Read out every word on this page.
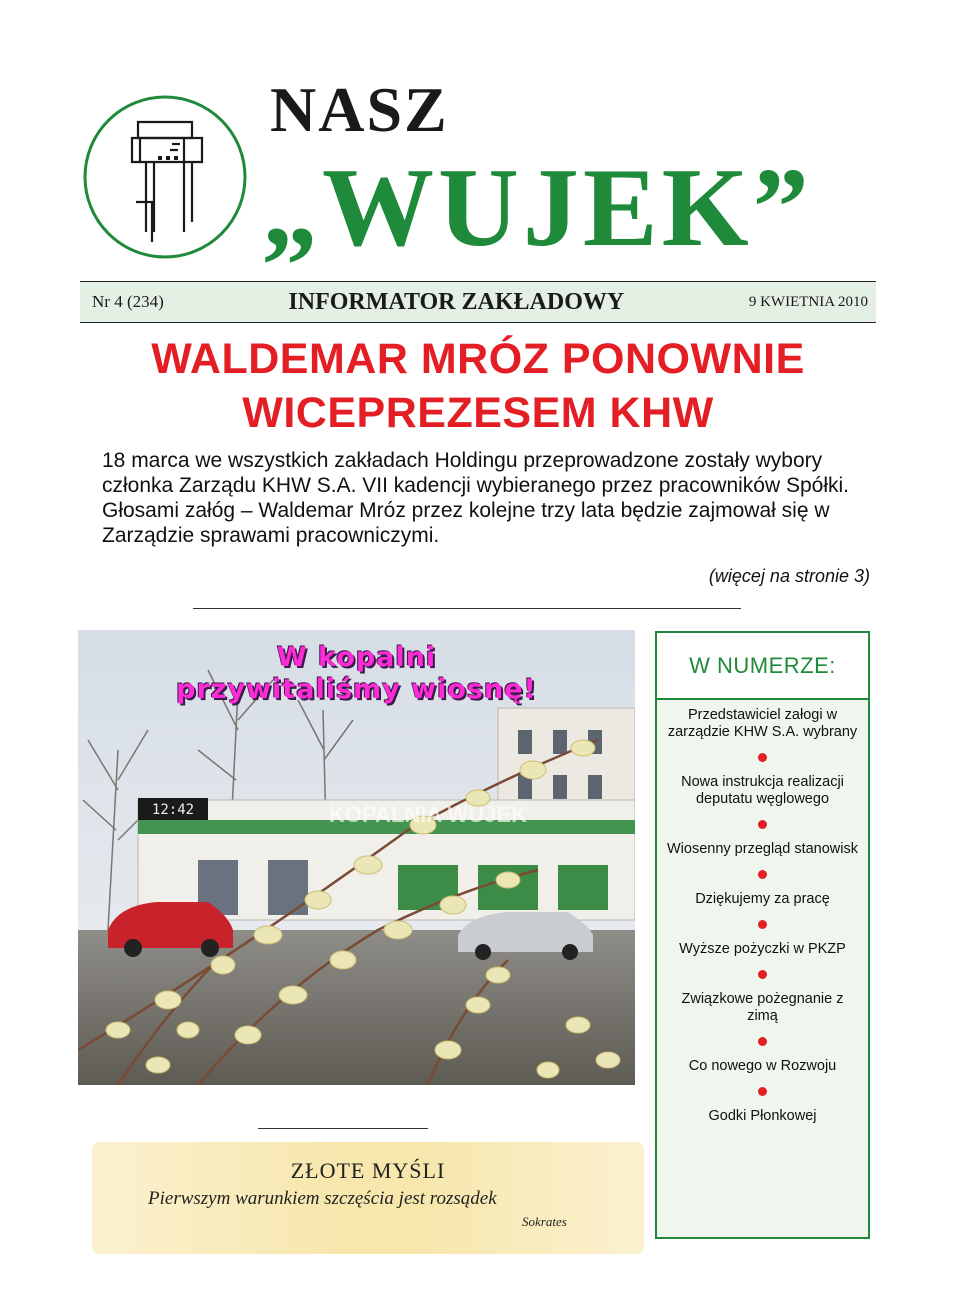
NASZ
„WUJEK”
Nr 4 (234)	INFORMATOR ZAKŁADOWY	9 KWIETNIA 2010
WALDEMAR MRÓZ PONOWNIE
WICEPREZESEM KHW

18 marca we wszystkich zakładach Holdingu przeprowadzone zostały wybory członka Zarządu KHW S.A. VII kadencji wybieranego przez pracowników Spółki.

Głosami załóg – Waldemar Mróz przez kolejne trzy lata będzie zajmował się w Zarządzie sprawami pracowniczymi.

(więcej na stronie 3)
12:42	KOPALNIA WUJEK
W kopalni
przywitaliśmy wiosnę!
ZŁOTE MYŚLI
Pierwszym warunkiem szczęścia jest rozsądek
Sokrates
W NUMERZE:
Przedstawiciel załogi w zarządzie KHW S.A. wybrany
Nowa instrukcja realizacji deputatu węglowego
Wiosenny przegląd stanowisk
Dziękujemy za pracę
Wyższe pożyczki w PKZP
Związkowe pożegnanie z zimą
Co nowego w Rozwoju
Godki Płonkowej
